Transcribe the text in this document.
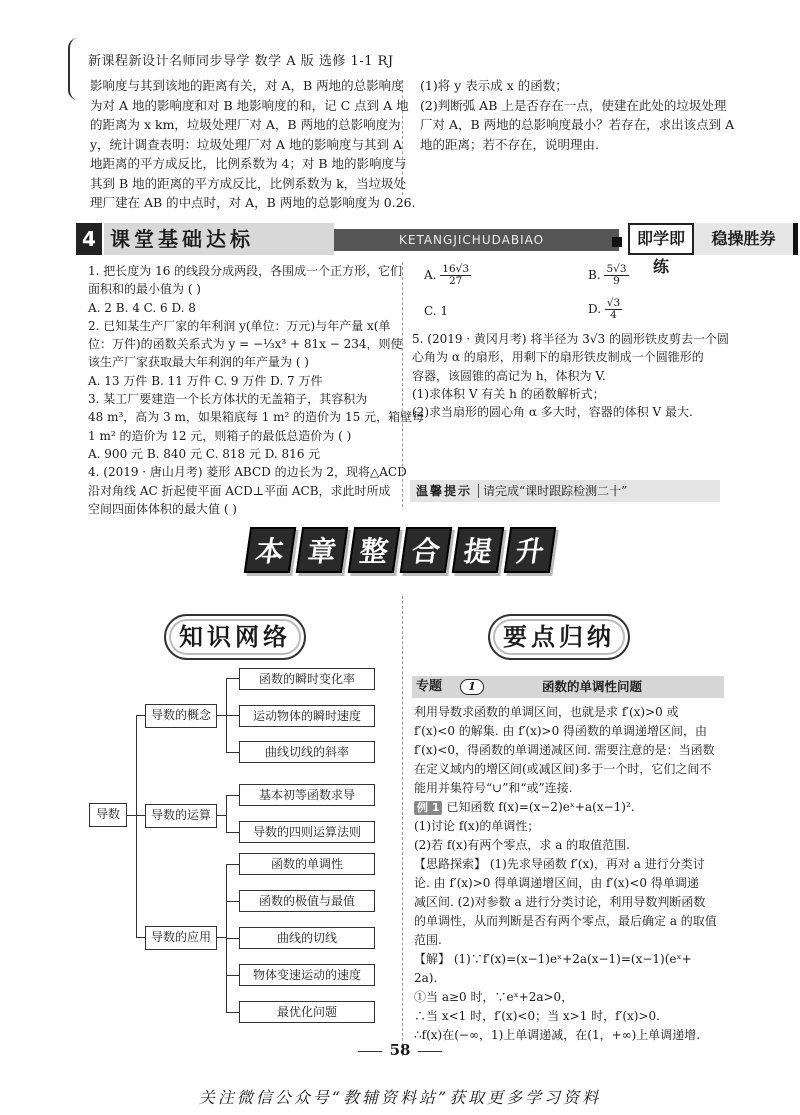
新课程新设计名师同步导学 数学 A 版 选修 1-1 RJ
影响度与其到该地的距离有关，对 A，B 两地的总影响度
为对 A 地的影响度和对 B 地影响度的和，记 C 点到 A 地
的距离为 x km，垃圾处理厂对 A，B 两地的总影响度为
y，统计调查表明：垃圾处理厂对 A 地的影响度与其到 A
地距离的平方成反比，比例系数为 4；对 B 地的影响度与
其到 B 地的距离的平方成反比，比例系数为 k，当垃圾处
理厂建在 AB 的中点时，对 A，B 两地的总影响度为 0.26.
(1)将 y 表示成 x 的函数；
(2)判断弧 AB 上是否存在一点，使建在此处的垃圾处理
厂对 A，B 两地的总影响度最小？若存在，求出该点到 A
地的距离；若不存在，说明理由.
4 课堂基础达标	KETANGJICHUDABIAO	即学即练
稳操胜券
1. 把长度为 16 的线段分成两段，各围成一个正方形，它们
面积和的最小值为 ( )
A. 2 B. 4 C. 6 D. 8
2. 已知某生产厂家的年利润 y(单位：万元)与年产量 x(单
位：万件)的函数关系式为 y = −⅓x³ + 81x − 234，则使
该生产厂家获取最大年利润的年产量为 ( )
A. 13 万件 B. 11 万件 C. 9 万件 D. 7 万件
3. 某工厂要建造一个长方体状的无盖箱子，其容积为
48 m³，高为 3 m，如果箱底每 1 m² 的造价为 15 元，箱壁每
1 m² 的造价为 12 元，则箱子的最低总造价为 ( )
A. 900 元 B. 840 元 C. 818 元 D. 816 元
4. (2019 · 唐山月考) 菱形 ABCD 的边长为 2，现将△ACD
沿对角线 AC 折起使平面 ACD⊥平面 ACB，求此时所成
空间四面体体积的最大值 ( )
A. $\frac{16√3}{27}$	B. $\frac{5√3}{9}$
C. 1	D. $\frac{√3}{4}$
5. (2019 · 黄冈月考) 将半径为 3√3 的圆形铁皮剪去一个圆
心角为 α 的扇形，用剩下的扇形铁皮制成一个圆锥形的
容器，该圆锥的高记为 h，体积为 V.
(1)求体积 V 有关 h 的函数解析式；
(2)求当扇形的圆心角 α 多大时，容器的体积 V 最大.
温馨提示 请完成“课时跟踪检测二十”
本 章 整 合 提 升
知识网络	要点归纳
导数
导数的概念
导数的运算
导数的应用
函数的瞬时变化率
运动物体的瞬时速度
曲线切线的斜率
基本初等函数求导
导数的四则运算法则
函数的单调性
函数的极值与最值
曲线的切线
物体变速运动的速度
最优化问题
专题	1	函数的单调性问题
利用导数求函数的单调区间，也就是求 f′(x)>0 或
f′(x)<0 的解集. 由 f′(x)>0 得函数的单调递增区间，由
f′(x)<0，得函数的单调递减区间. 需要注意的是：当函数
在定义域内的增区间(或减区间)多于一个时，它们之间不
能用并集符号“∪”和“或”连接.
例 1 已知函数 f(x)=(x−2)eˣ+a(x−1)².
(1)讨论 f(x)的单调性；
(2)若 f(x)有两个零点，求 a 的取值范围.
【思路探索】 (1)先求导函数 f′(x)，再对 a 进行分类讨
论. 由 f′(x)>0 得单调递增区间，由 f′(x)<0 得单调递
减区间. (2)对参数 a 进行分类讨论，利用导数判断函数
的单调性，从而判断是否有两个零点，最后确定 a 的取值
范围.
【解】 (1)∵f′(x)=(x−1)eˣ+2a(x−1)=(x−1)(eˣ+
2a).
①当 a≥0 时，∵eˣ+2a>0，
∴当 x<1 时，f′(x)<0；当 x>1 时，f′(x)>0.
∴f(x)在(−∞，1)上单调递减，在(1，+∞)上单调递增.
58
关注微信公众号“教辅资料站”获取更多学习资料
